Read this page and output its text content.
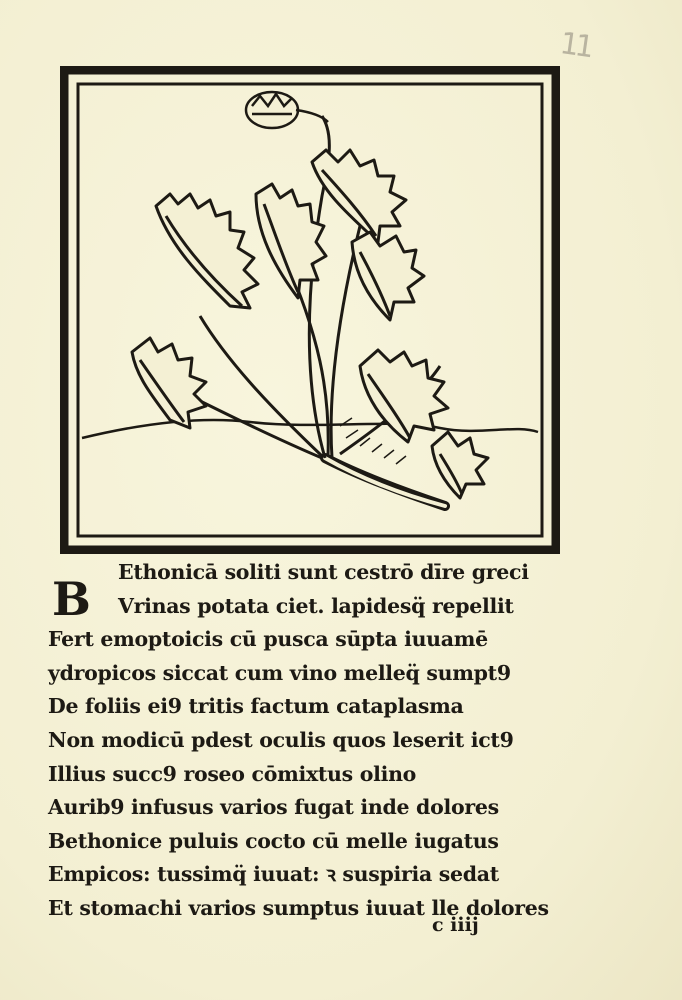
11
B	Ethonicā soliti sunt cestrō dīre greci
Vrinas potata ciet. lapidesq̈ repellit
Fert emoptoicis cū pusca sūpta iuuamē
ydropicos siccat cum vino melleq̈ sumpt9
De foliis ei9 tritis factum cataplasma
Non modicū pdest oculis quos leserit ict9
Illius succ9 roseo cōmixtus olino
Aurib9 infusus varios fugat inde dolores
Bethonice puluis cocto cū melle iugatus
Empicos: tussimq̈ iuuat: ꝛ suspiria sedat
Et stomachi varios sumptus iuuat lle dolores
c iiij
